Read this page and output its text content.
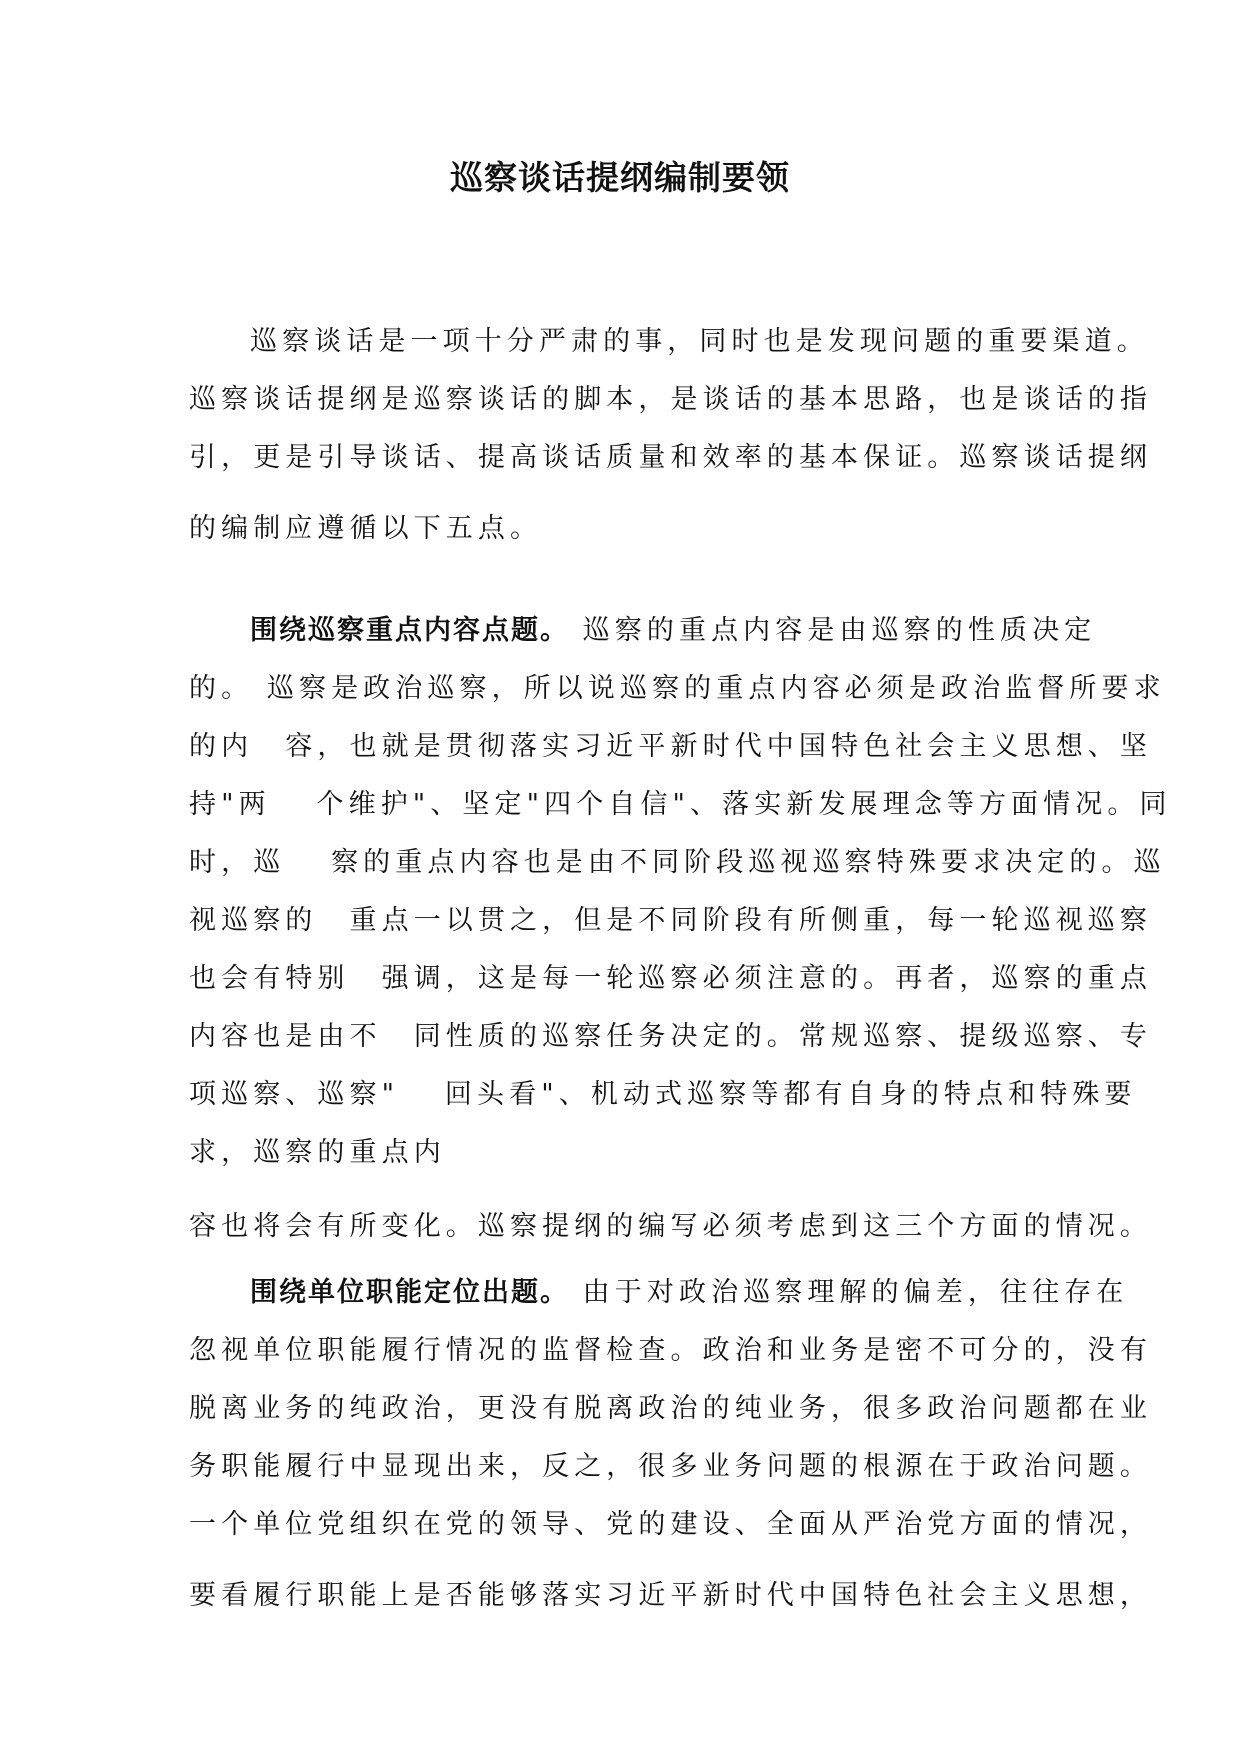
巡察谈话提纲编制要领
巡察谈话是一项十分严肃的事，同时也是发现问题的重要渠道。
巡察谈话提纲是巡察谈话的脚本，是谈话的基本思路，也是谈话的指
引，更是引导谈话、提高谈话质量和效率的基本保证。巡察谈话提纲
的编制应遵循以下五点。
围绕巡察重点内容点题。 巡察的重点内容是由巡察的性质决定
的。 巡察是政治巡察，所以说巡察的重点内容必须是政治监督所要求
的内　容，也就是贯彻落实习近平新时代中国特色社会主义思想、坚
持"两　 个维护"、坚定"四个自信"、落实新发展理念等方面情况。同
时，巡　 察的重点内容也是由不同阶段巡视巡察特殊要求决定的。巡
视巡察的　重点一以贯之，但是不同阶段有所侧重，每一轮巡视巡察
也会有特别　强调，这是每一轮巡察必须注意的。再者，巡察的重点
内容也是由不　同性质的巡察任务决定的。常规巡察、提级巡察、专
项巡察、巡察"　 回头看"、机动式巡察等都有自身的特点和特殊要
求，巡察的重点内
容也将会有所变化。巡察提纲的编写必须考虑到这三个方面的情况。
围绕单位职能定位出题。 由于对政治巡察理解的偏差，往往存在
忽视单位职能履行情况的监督检查。政治和业务是密不可分的，没有
脱离业务的纯政治，更没有脱离政治的纯业务，很多政治问题都在业
务职能履行中显现出来，反之，很多业务问题的根源在于政治问题。
一个单位党组织在党的领导、党的建设、全面从严治党方面的情况，
要看履行职能上是否能够落实习近平新时代中国特色社会主义思想，
